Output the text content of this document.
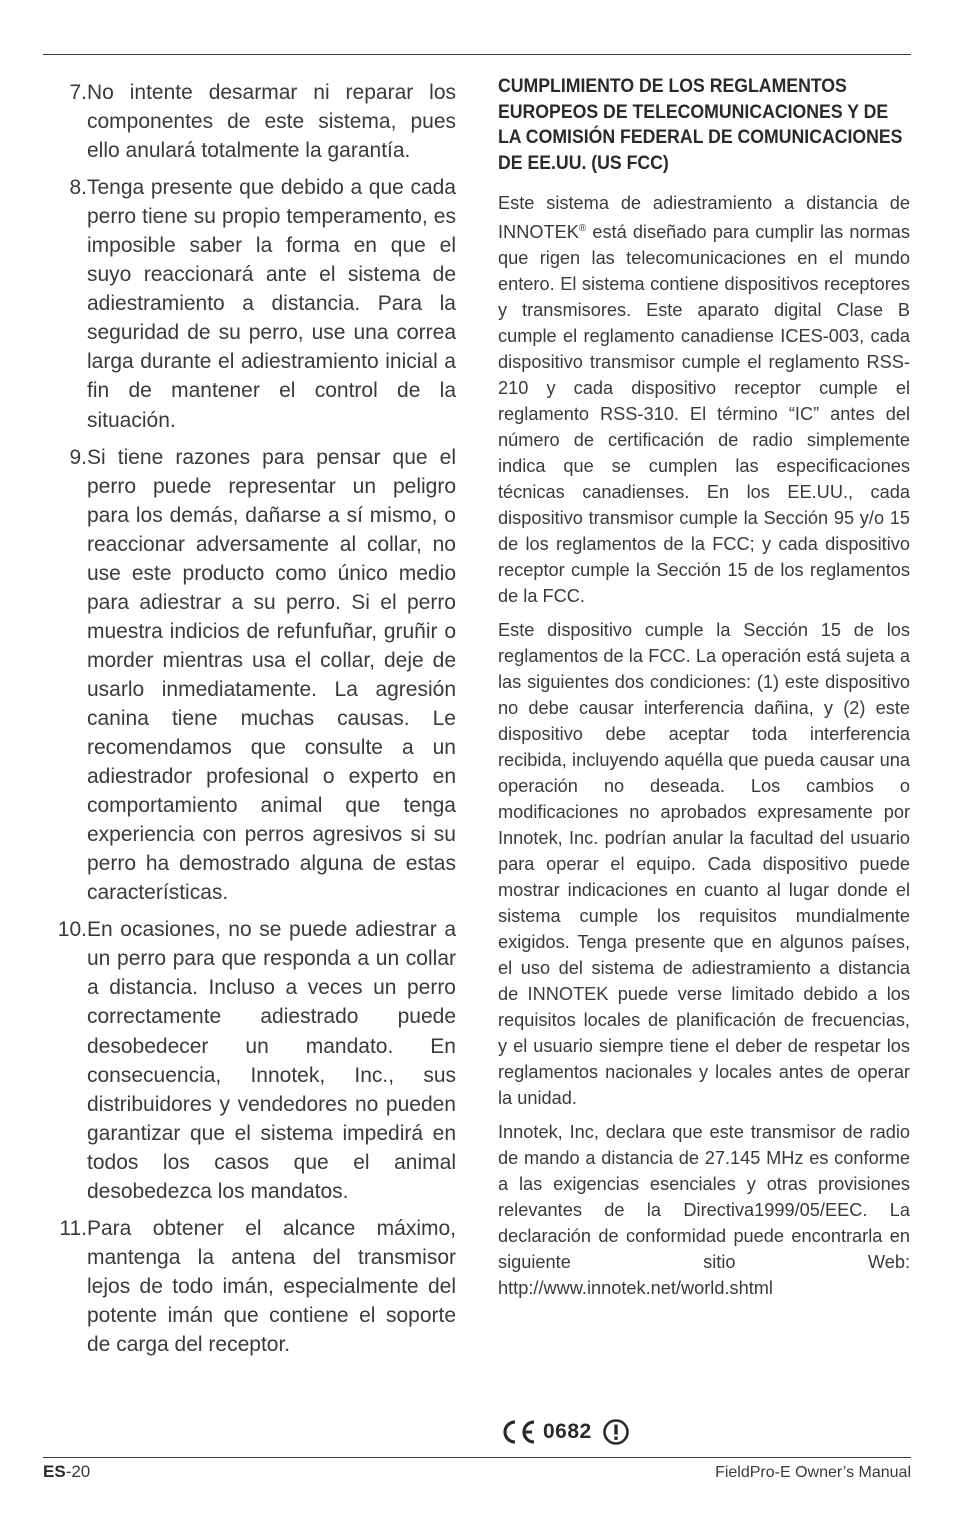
7. No intente desarmar ni reparar los componentes de este sistema, pues ello anulará totalmente la garantía.
8. Tenga presente que debido a que cada perro tiene su propio temperamento, es imposible saber la forma en que el suyo reaccionará ante el sistema de adiestramiento a distancia. Para la seguridad de su perro, use una correa larga durante el adiestramiento inicial a fin de mantener el control de la situación.
9. Si tiene razones para pensar que el perro puede representar un peligro para los demás, dañarse a sí mismo, o reaccionar adversamente al collar, no use este producto como único medio para adiestrar a su perro. Si el perro muestra indicios de refunfuñar, gruñir o morder mientras usa el collar, deje de usarlo inmediatamente. La agresión canina tiene muchas causas. Le recomendamos que consulte a un adiestrador profesional o experto en comportamiento animal que tenga experiencia con perros agresivos si su perro ha demostrado alguna de estas características.
10. En ocasiones, no se puede adiestrar a un perro para que responda a un collar a distancia. Incluso a veces un perro correctamente adiestrado puede desobedecer un mandato. En consecuencia, Innotek, Inc., sus distribuidores y vendedores no pueden garantizar que el sistema impedirá en todos los casos que el animal desobedezca los mandatos.
11. Para obtener el alcance máximo, mantenga la antena del transmisor lejos de todo imán, especialmente del potente imán que contiene el soporte de carga del receptor.
CUMPLIMIENTO DE LOS REGLAMENTOS EUROPEOS DE TELECOMUNICACIONES Y DE LA COMISIÓN FEDERAL DE COMUNICACIONES DE EE.UU. (US FCC)

Este sistema de adiestramiento a distancia de INNOTEK® está diseñado para cumplir las normas que rigen las telecomunicaciones en el mundo entero. El sistema contiene dispositivos receptores y transmisores. Este aparato digital Clase B cumple el reglamento canadiense ICES-003, cada dispositivo transmisor cumple el reglamento RSS-210 y cada dispositivo receptor cumple el reglamento RSS-310. El término “IC” antes del número de certificación de radio simplemente indica que se cumplen las especificaciones técnicas canadienses. En los EE.UU., cada dispositivo transmisor cumple la Sección 95 y/o 15 de los reglamentos de la FCC; y cada dispositivo receptor cumple la Sección 15 de los reglamentos de la FCC.

Este dispositivo cumple la Sección 15 de los reglamentos de la FCC. La operación está sujeta a las siguientes dos condiciones: (1) este dispositivo no debe causar interferencia dañina, y (2) este dispositivo debe aceptar toda interferencia recibida, incluyendo aquélla que pueda causar una operación no deseada. Los cambios o modificaciones no aprobados expresamente por Innotek, Inc. podrían anular la facultad del usuario para operar el equipo. Cada dispositivo puede mostrar indicaciones en cuanto al lugar donde el sistema cumple los requisitos mundialmente exigidos. Tenga presente que en algunos países, el uso del sistema de adiestramiento a distancia de INNOTEK puede verse limitado debido a los requisitos locales de planificación de frecuencias, y el usuario siempre tiene el deber de respetar los reglamentos nacionales y locales antes de operar la unidad.

Innotek, Inc, declara que este transmisor de radio de mando a distancia de 27.145 MHz es conforme a las exigencias esenciales y otras provisiones relevantes de la Directiva1999/05/EEC. La declaración de conformidad puede encontrarla en siguiente sitio Web: http://www.innotek.net/world.shtml

0682
ES-20	FieldPro-E Owner’s Manual
